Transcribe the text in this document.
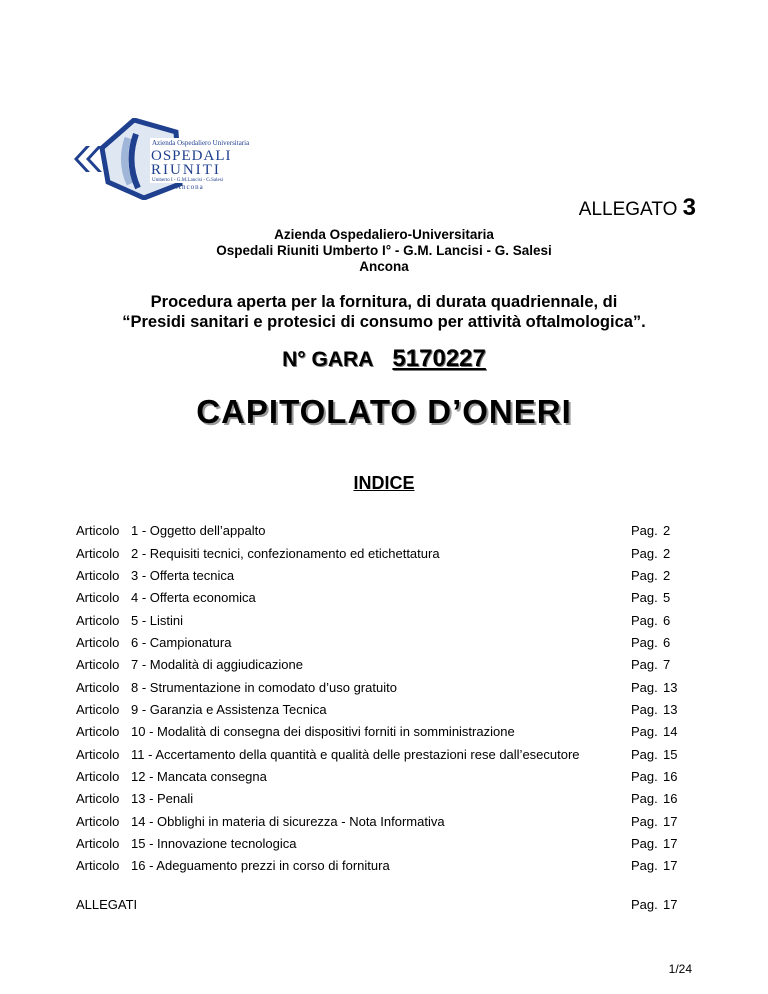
Azienda Ospedaliero Universitaria
OSPEDALI
RIUNITI
Umberto I - G.M.Lancisi - G.Salesi
Ancona
ALLEGATO 3
Azienda Ospedaliero-Universitaria
Ospedali Riuniti Umberto I° - G.M. Lancisi - G. Salesi
Ancona
Procedura aperta per la fornitura, di durata quadriennale, di
“Presidi sanitari e protesici di consumo per attività oftalmologica”.
N° GARA 5170227
CAPITOLATO D’ONERI
INDICE
Articolo 1 - Oggetto dell’appalto	Pag. 2
Articolo 2 - Requisiti tecnici, confezionamento ed etichettatura	Pag. 2
Articolo 3 - Offerta tecnica	Pag. 2
Articolo 4 - Offerta economica	Pag. 5
Articolo 5 - Listini	Pag. 6
Articolo 6 - Campionatura	Pag. 6
Articolo 7 - Modalità di aggiudicazione	Pag. 7
Articolo 8 - Strumentazione in comodato d’uso gratuito	Pag. 13
Articolo 9 - Garanzia e Assistenza Tecnica	Pag. 13
Articolo 10 - Modalità di consegna dei dispositivi forniti in somministrazione	Pag. 14
Articolo 11 - Accertamento della quantità e qualità delle prestazioni rese dall’esecutore	Pag. 15
Articolo 12 - Mancata consegna	Pag. 16
Articolo 13 - Penali	Pag. 16
Articolo 14 - Obblighi in materia di sicurezza - Nota Informativa	Pag. 17
Articolo 15 - Innovazione tecnologica	Pag. 17
Articolo 16 - Adeguamento prezzi in corso di fornitura	Pag. 17
ALLEGATI	Pag. 17
1/24
